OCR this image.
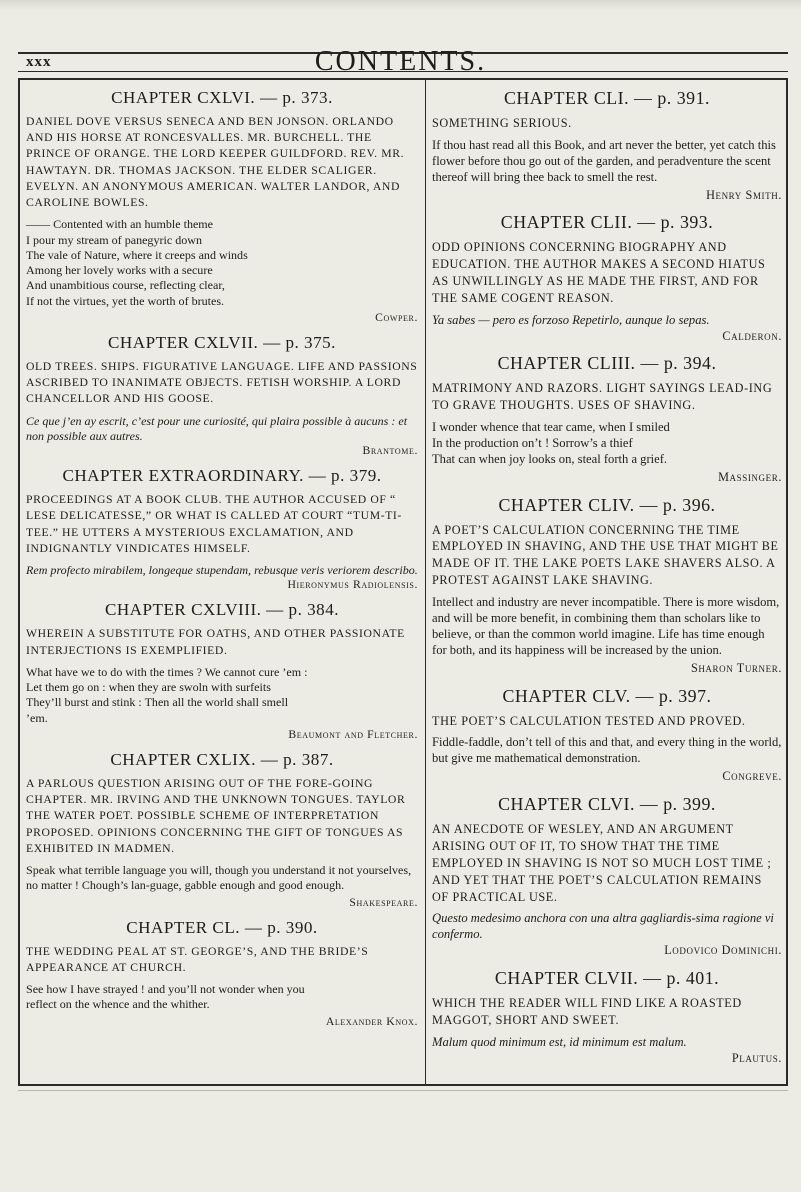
xxx	CONTENTS.
CHAPTER CXLVI. — p. 373.
DANIEL DOVE VERSUS SENECA AND BEN JONSON. ORLANDO AND HIS HORSE AT RONCESVALLES. MR. BURCHELL. THE PRINCE OF ORANGE. THE LORD KEEPER GUILDFORD. REV. MR. HAWTAYN. DR. THOMAS JACKSON. THE ELDER SCALIGER. EVELYN. AN ANONYMOUS AMERICAN. WALTER LANDOR, AND CAROLINE BOWLES.
—— Contented with an humble theme
I pour my stream of panegyric down
The vale of Nature, where it creeps and winds
Among her lovely works with a secure
And unambitious course, reflecting clear,
If not the virtues, yet the worth of brutes.
Cowper.
CHAPTER CXLVII. — p. 375.
OLD TREES. SHIPS. FIGURATIVE LANGUAGE. LIFE AND PASSIONS ASCRIBED TO INANIMATE OBJECTS. FETISH WORSHIP. A LORD CHANCELLOR AND HIS GOOSE.
Ce que j’en ay escrit, c’est pour une curiosité, qui plaira possible à aucuns : et non possible aux autres.
Brantome.
CHAPTER EXTRAORDINARY. — p. 379.
PROCEEDINGS AT A BOOK CLUB. THE AUTHOR ACCUSED OF “ LESE DELICATESSE,” OR WHAT IS CALLED AT COURT “TUM-TI-TEE.” HE UTTERS A MYSTERIOUS EXCLAMATION, AND INDIGNANTLY VINDICATES HIMSELF.
Rem profecto mirabilem, longeque stupendam, rebusque veris veriorem describo.
Hieronymus Radiolensis.
CHAPTER CXLVIII. — p. 384.
WHEREIN A SUBSTITUTE FOR OATHS, AND OTHER PASSIONATE INTERJECTIONS IS EXEMPLIFIED.
What have we to do with the times ? We cannot cure ’em :
Let them go on : when they are swoln with surfeits
They’ll burst and stink : Then all the world shall smell
’em.
Beaumont and Fletcher.
CHAPTER CXLIX. — p. 387.
A PARLOUS QUESTION ARISING OUT OF THE FORE-GOING CHAPTER. MR. IRVING AND THE UNKNOWN TONGUES. TAYLOR THE WATER POET. POSSIBLE SCHEME OF INTERPRETATION PROPOSED. OPINIONS CONCERNING THE GIFT OF TONGUES AS EXHIBITED IN MADMEN.
Speak what terrible language you will, though you understand it not yourselves, no matter ! Chough’s lan-guage, gabble enough and good enough.
Shakespeare.
CHAPTER CL. — p. 390.
THE WEDDING PEAL AT ST. GEORGE’S, AND THE BRIDE’S APPEARANCE AT CHURCH.
See how I have strayed ! and you’ll not wonder when you
reflect on the whence and the whither.
Alexander Knox.
CHAPTER CLI. — p. 391.
SOMETHING SERIOUS.
If thou hast read all this Book, and art never the better, yet catch this flower before thou go out of the garden, and peradventure the scent thereof will bring thee back to smell the rest.
Henry Smith.
CHAPTER CLII. — p. 393.
ODD OPINIONS CONCERNING BIOGRAPHY AND EDUCATION. THE AUTHOR MAKES A SECOND HIATUS AS UNWILLINGLY AS HE MADE THE FIRST, AND FOR THE SAME COGENT REASON.
Ya sabes — pero es forzoso Repetirlo, aunque lo sepas.
Calderon.
CHAPTER CLIII. — p. 394.
MATRIMONY AND RAZORS. LIGHT SAYINGS LEAD-ING TO GRAVE THOUGHTS. USES OF SHAVING.
I wonder whence that tear came, when I smiled
In the production on’t ! Sorrow’s a thief
That can when joy looks on, steal forth a grief.
Massinger.
CHAPTER CLIV. — p. 396.
A POET’S CALCULATION CONCERNING THE TIME EMPLOYED IN SHAVING, AND THE USE THAT MIGHT BE MADE OF IT. THE LAKE POETS LAKE SHAVERS ALSO. A PROTEST AGAINST LAKE SHAVING.
Intellect and industry are never incompatible. There is more wisdom, and will be more benefit, in combining them than scholars like to believe, or than the common world imagine. Life has time enough for both, and its happiness will be increased by the union.
Sharon Turner.
CHAPTER CLV. — p. 397.
THE POET’S CALCULATION TESTED AND PROVED.
Fiddle-faddle, don’t tell of this and that, and every thing in the world, but give me mathematical demonstration.
Congreve.
CHAPTER CLVI. — p. 399.
AN ANECDOTE OF WESLEY, AND AN ARGUMENT ARISING OUT OF IT, TO SHOW THAT THE TIME EMPLOYED IN SHAVING IS NOT SO MUCH LOST TIME ; AND YET THAT THE POET’S CALCULATION REMAINS OF PRACTICAL USE.
Questo medesimo anchora con una altra gagliardis-sima ragione vi confermo.
Lodovico Dominichi.
CHAPTER CLVII. — p. 401.
WHICH THE READER WILL FIND LIKE A ROASTED MAGGOT, SHORT AND SWEET.
Malum quod minimum est, id minimum est malum.
Plautus.
